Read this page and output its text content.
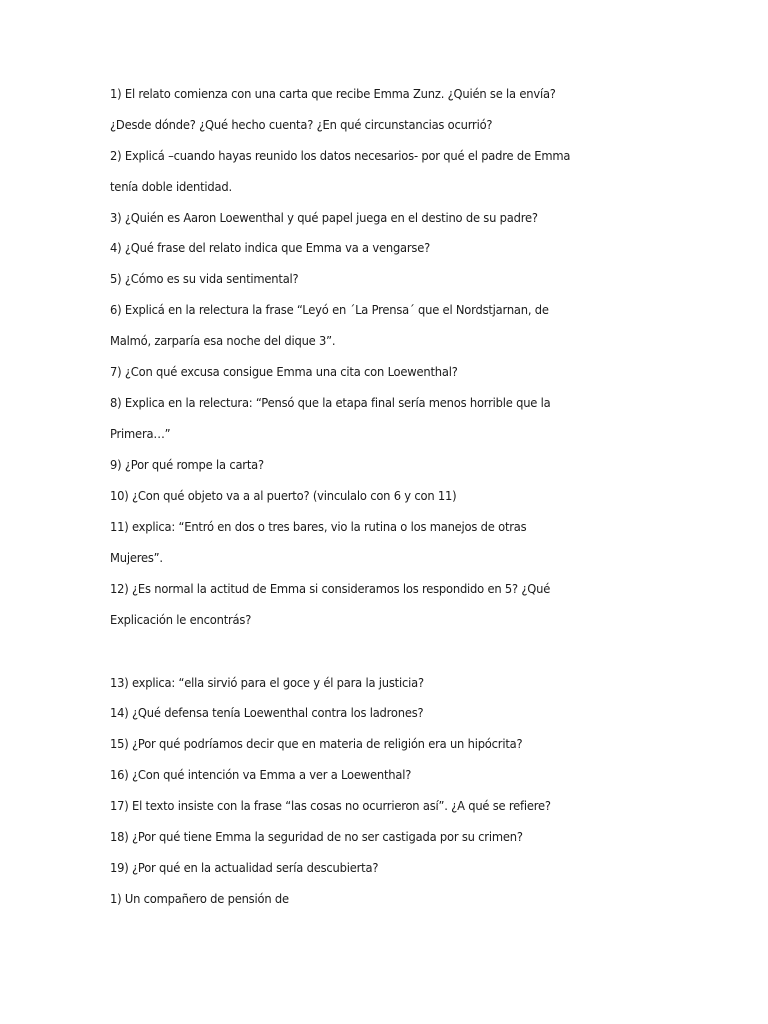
1) El relato comienza con una carta que recibe Emma Zunz. ¿Quién se la envía?
¿Desde dónde? ¿Qué hecho cuenta? ¿En qué circunstancias ocurrió?
2) Explicá –cuando hayas reunido los datos necesarios- por qué el padre de Emma
tenía doble identidad.
3) ¿Quién es Aaron Loewenthal y qué papel juega en el destino de su padre?
4) ¿Qué frase del relato indica que Emma va a vengarse?
5) ¿Cómo es su vida sentimental?
6) Explicá en la relectura la frase “Leyó en ´La Prensa´ que el Nordstjarnan, de
Malmó, zarparía esa noche del dique 3”.
7) ¿Con qué excusa consigue Emma una cita con Loewenthal?
8) Explica en la relectura: “Pensó que la etapa final sería menos horrible que la
Primera…”
9) ¿Por qué rompe la carta?
10) ¿Con qué objeto va a al puerto? (vinculalo con 6 y con 11)
11) explica: “Entró en dos o tres bares, vio la rutina o los manejos de otras
Mujeres”.
12) ¿Es normal la actitud de Emma si consideramos los respondido en 5? ¿Qué
Explicación le encontrás?
13) explica: “ella sirvió para el goce y él para la justicia?
14) ¿Qué defensa tenía Loewenthal contra los ladrones?
15) ¿Por qué podríamos decir que en materia de religión era un hipócrita?
16) ¿Con qué intención va Emma a ver a Loewenthal?
17) El texto insiste con la frase “las cosas no ocurrieron así”. ¿A qué se refiere?
18) ¿Por qué tiene Emma la seguridad de no ser castigada por su crimen?
19) ¿Por qué en la actualidad sería descubierta?
1) Un compañero de pensión de
